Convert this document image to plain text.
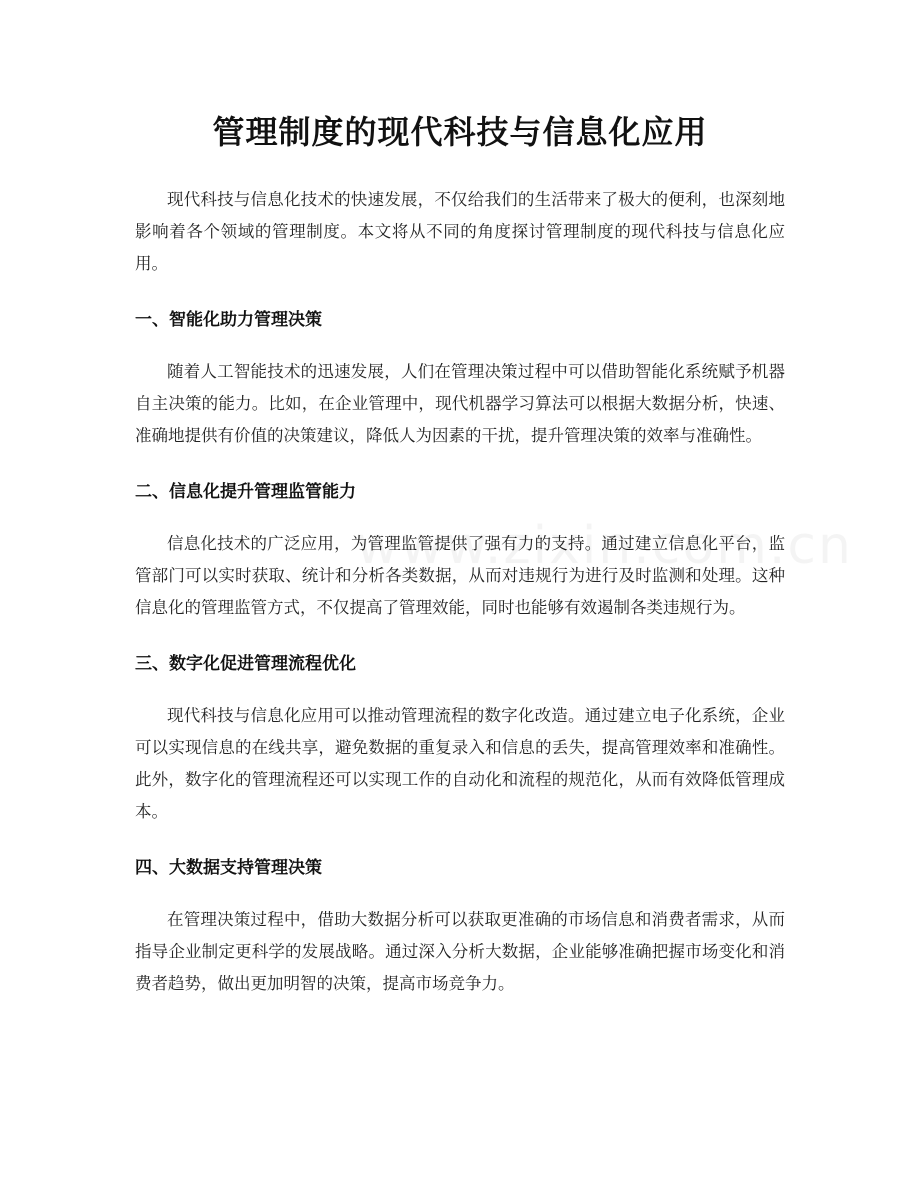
管理制度的现代科技与信息化应用

现代科技与信息化技术的快速发展，不仅给我们的生活带来了极大的便利，也深刻地影响着各个领域的管理制度。本文将从不同的角度探讨管理制度的现代科技与信息化应用。

一、智能化助力管理决策

随着人工智能技术的迅速发展，人们在管理决策过程中可以借助智能化系统赋予机器自主决策的能力。比如，在企业管理中，现代机器学习算法可以根据大数据分析，快速、准确地提供有价值的决策建议，降低人为因素的干扰，提升管理决策的效率与准确性。

二、信息化提升管理监管能力

信息化技术的广泛应用，为管理监管提供了强有力的支持。通过建立信息化平台，监管部门可以实时获取、统计和分析各类数据，从而对违规行为进行及时监测和处理。这种信息化的管理监管方式，不仅提高了管理效能，同时也能够有效遏制各类违规行为。

三、数字化促进管理流程优化

现代科技与信息化应用可以推动管理流程的数字化改造。通过建立电子化系统，企业可以实现信息的在线共享，避免数据的重复录入和信息的丢失，提高管理效率和准确性。此外，数字化的管理流程还可以实现工作的自动化和流程的规范化，从而有效降低管理成本。

四、大数据支持管理决策

在管理决策过程中，借助大数据分析可以获取更准确的市场信息和消费者需求，从而指导企业制定更科学的发展战略。通过深入分析大数据，企业能够准确把握市场变化和消费者趋势，做出更加明智的决策，提高市场竞争力。
